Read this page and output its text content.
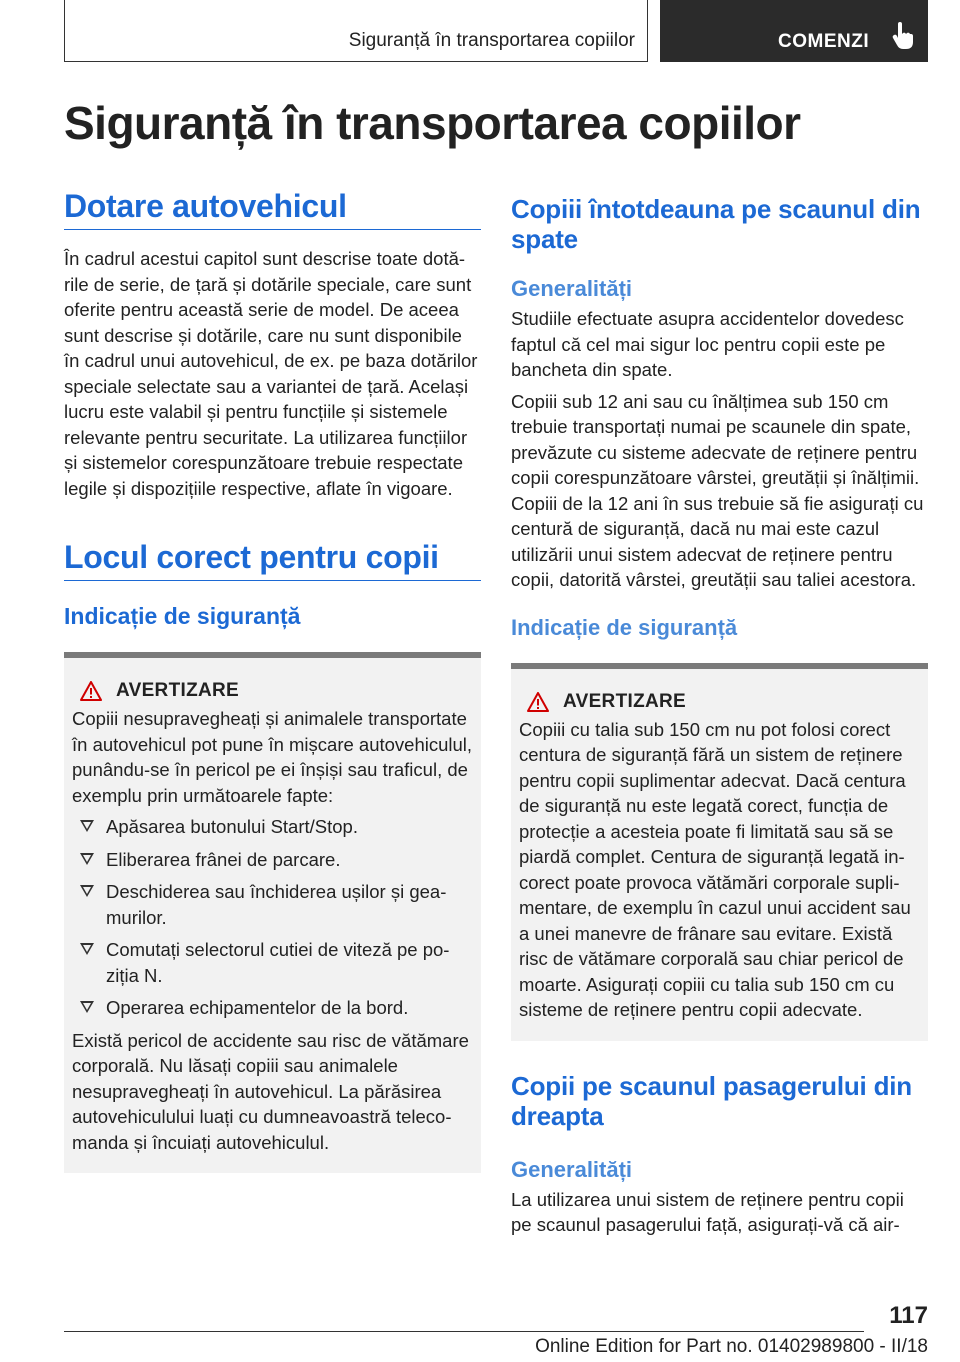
Siguranță în transportarea copiilor	COMENZI
Siguranță în transportarea copiilor
Dotare autovehicul

În cadrul acestui capitol sunt descrise toate dotările de serie, de țară și dotările speciale, care sunt oferite pentru această serie de model. De aceea sunt descrise și dotările, care nu sunt disponibile în cadrul unui autovehicul, de ex. pe baza dotărilor speciale selectate sau a variantei de țară. Același lucru este valabil și pentru funcțiile și sistemele relevante pentru securitate. La utilizarea funcțiilor și sistemelor corespunzătoare trebuie respectate legile și dispozițiile respective, aflate în vigoare.

Locul corect pentru copii
Indicație de siguranță
AVERTIZARE

Copiii nesupravegheați și animalele transportate în autovehicul pot pune în mișcare autovehiculul, punându-se în pericol pe ei înșiși sau traficul, de exemplu prin următoarele fapte:

Apăsarea butonului Start/Stop.
Eliberarea frânei de parcare.
Deschiderea sau închiderea ușilor și geamurilor.
Comutați selectorul cutiei de viteză pe poziția N.
Operarea echipamentelor de la bord.

Există pericol de accidente sau risc de vătămare corporală. Nu lăsați copiii sau animalele nesupravegheați în autovehicul. La părăsirea autovehiculului luați cu dumneavoastră telecomanda și încuiați autovehiculul.

Copiii întotdeauna pe scaunul din spate
Generalități

Studiile efectuate asupra accidentelor dovedesc faptul că cel mai sigur loc pentru copii este pe bancheta din spate.

Copiii sub 12 ani sau cu înălțimea sub 150 cm trebuie transportați numai pe scaunele din spate, prevăzute cu sisteme adecvate de reținere pentru copii corespunzătoare vârstei, greutății și înălțimii. Copiii de la 12 ani în sus trebuie să fie asigurați cu centură de siguranță, dacă nu mai este cazul utilizării unui sistem adecvat de reținere pentru copii, datorită vârstei, greutății sau taliei acestora.

Indicație de siguranță
AVERTIZARE

Copiii cu talia sub 150 cm nu pot folosi corect centura de siguranță fără un sistem de reținere pentru copii suplimentar adecvat. Dacă centura de siguranță nu este legată corect, funcția de protecție a acesteia poate fi limitată sau să se piardă complet. Centura de siguranță legată incorect poate provoca vătămări corporale suplimentare, de exemplu în cazul unui accident sau a unei manevre de frânare sau evitare. Există risc de vătămare corporală sau chiar pericol de moarte. Asigurați copiii cu talia sub 150 cm cu sisteme de reținere pentru copii adecvate.

Copii pe scaunul pasagerului din dreapta
Generalități

La utilizarea unui sistem de reținere pentru copii pe scaunul pasagerului față, asigurați-vă că air-

117
Online Edition for Part no. 01402989800 - II/18
